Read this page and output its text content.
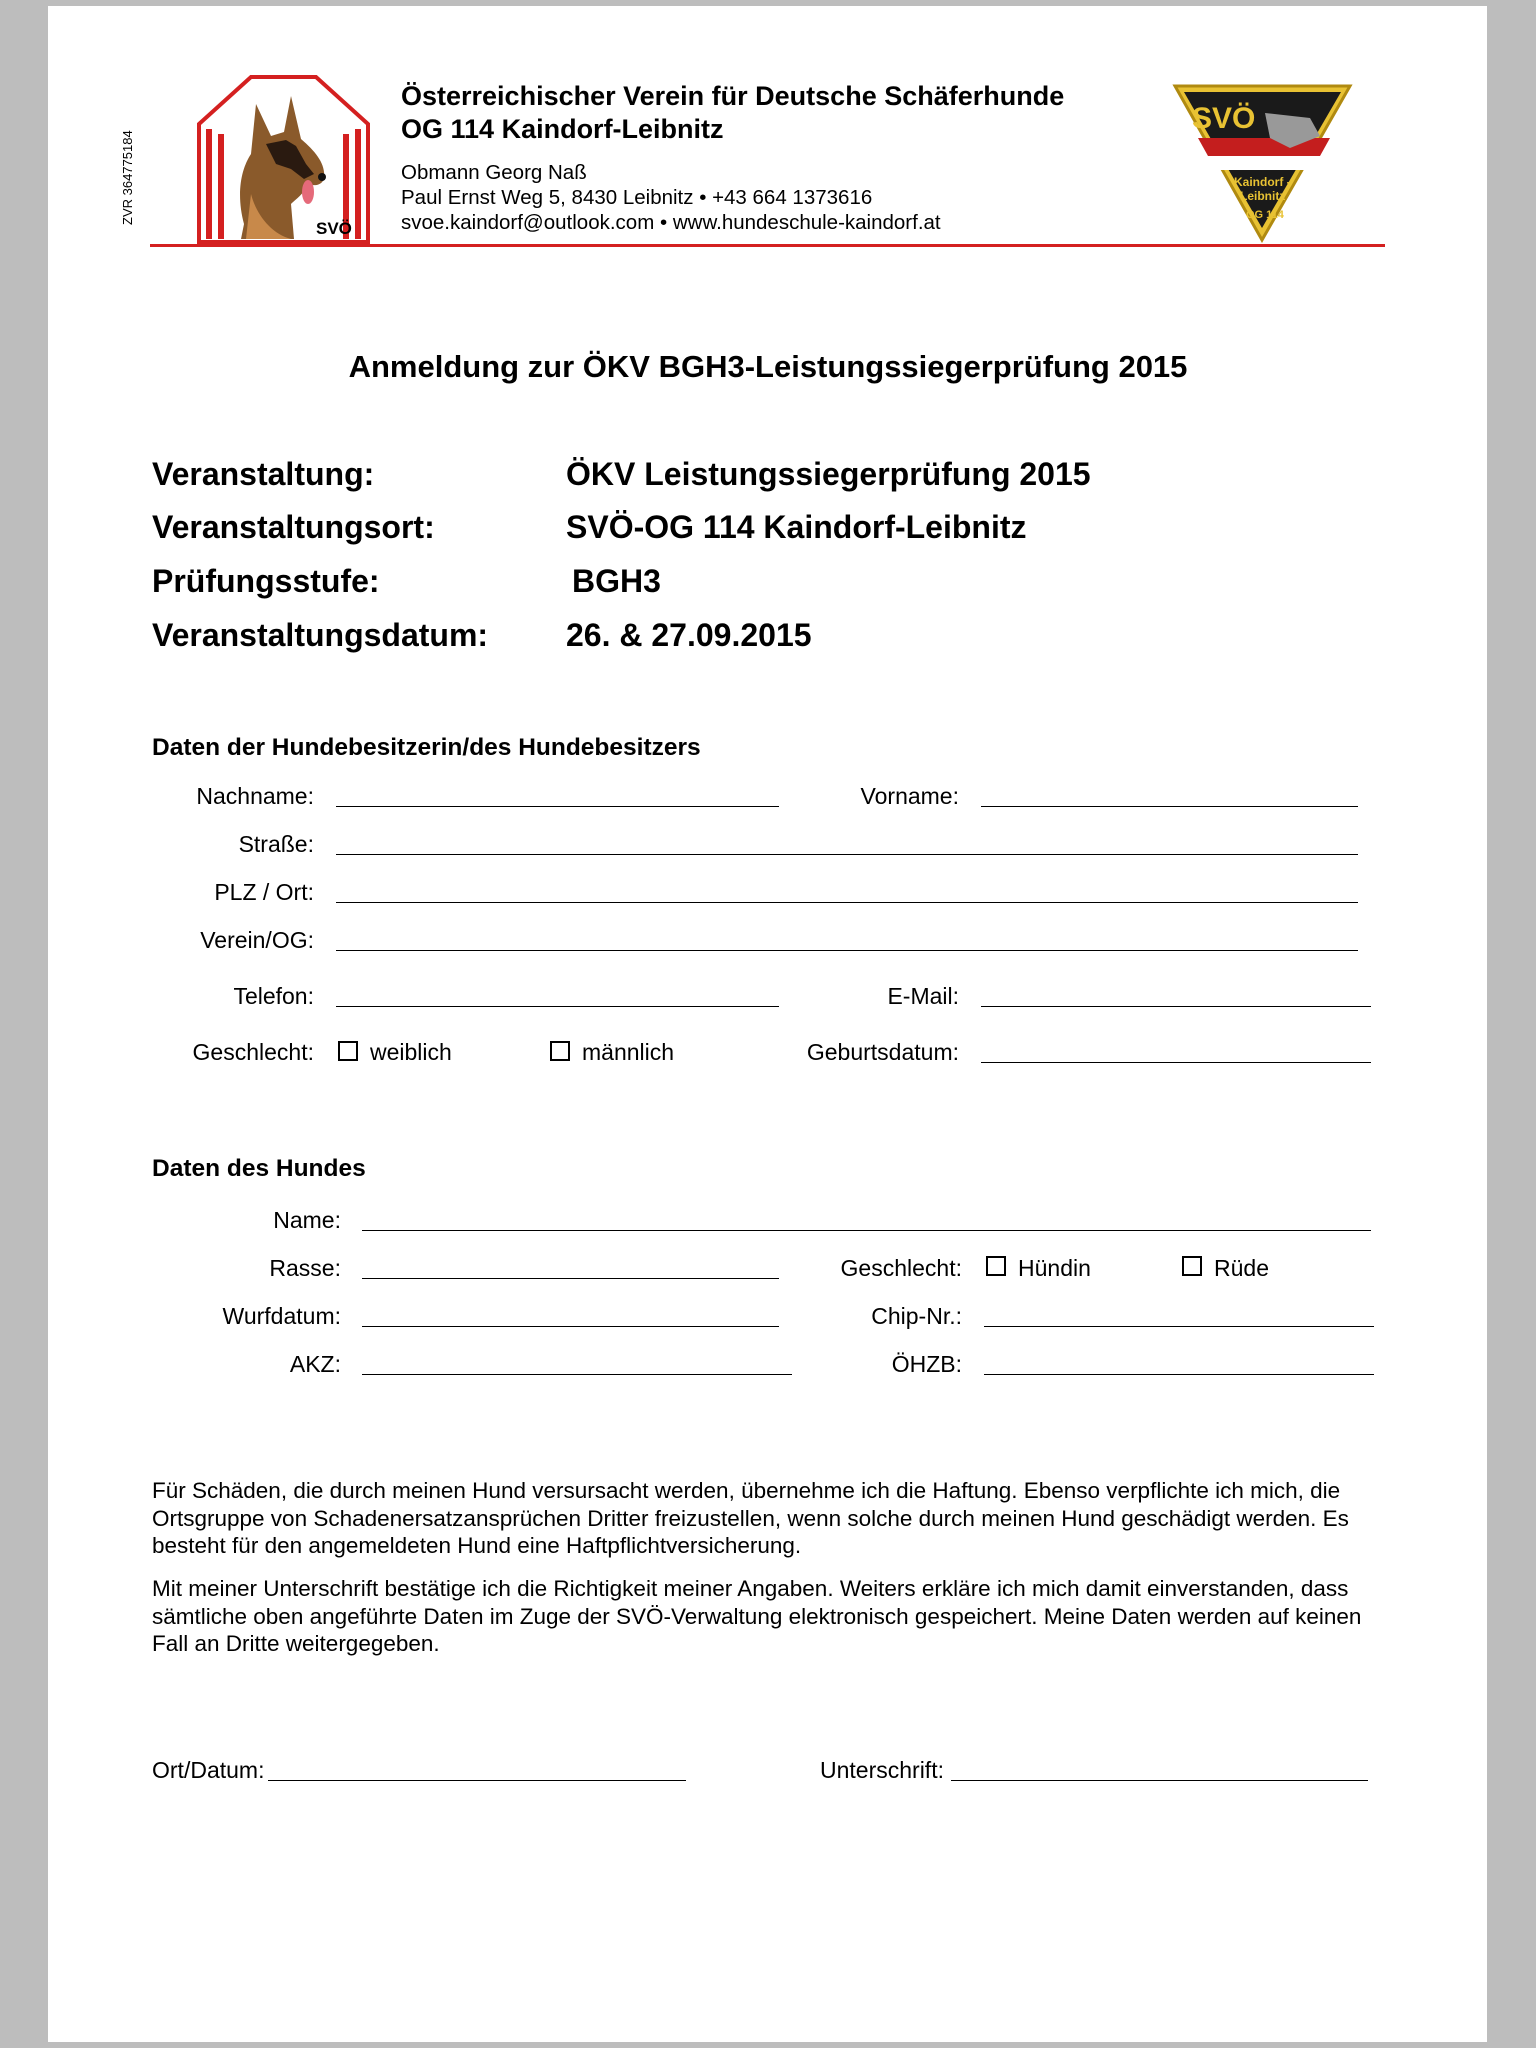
SVÖ
ZVR 364775184
Österreichischer Verein für Deutsche Schäferhunde
OG 114 Kaindorf-Leibnitz
Obmann Georg Naß
Paul Ernst Weg 5, 8430 Leibnitz • +43 664 1373616
svoe.kaindorf@outlook.com • www.hundeschule-kaindorf.at
SVÖ
Kaindorf -
Leibnitz
OG 114
Anmeldung zur ÖKV BGH3-Leistungssiegerprüfung 2015
Veranstaltung:	ÖKV Leistungssiegerprüfung 2015
Veranstaltungsort:	SVÖ-OG 114 Kaindorf-Leibnitz
Prüfungsstufe:	BGH3
Veranstaltungsdatum: 26. & 27.09.2015
Daten der Hundebesitzerin/des Hundebesitzers
Nachname:	Vorname:
Straße:
PLZ / Ort:
Verein/OG:
Telefon:	E-Mail:
Geschlecht: weiblich	männlich	Geburtsdatum:
Daten des Hundes
Name:
Rasse:	Geschlecht: Hündin	Rüde
Wurfdatum:	Chip-Nr.:
AKZ:	ÖHZB:
Für Schäden, die durch meinen Hund versursacht werden, übernehme ich die Haftung. Ebenso verpflichte ich mich, die Ortsgruppe von Schadenersatzansprüchen Dritter freizustellen, wenn solche durch meinen Hund geschädigt werden. Es besteht für den angemeldeten Hund eine Haftpflichtversicherung.
Mit meiner Unterschrift bestätige ich die Richtigkeit meiner Angaben. Weiters erkläre ich mich damit einverstanden, dass sämtliche oben angeführte Daten im Zuge der SVÖ-Verwaltung elektronisch gespeichert. Meine Daten werden auf keinen Fall an Dritte weitergegeben.
Ort/Datum:	Unterschrift:
